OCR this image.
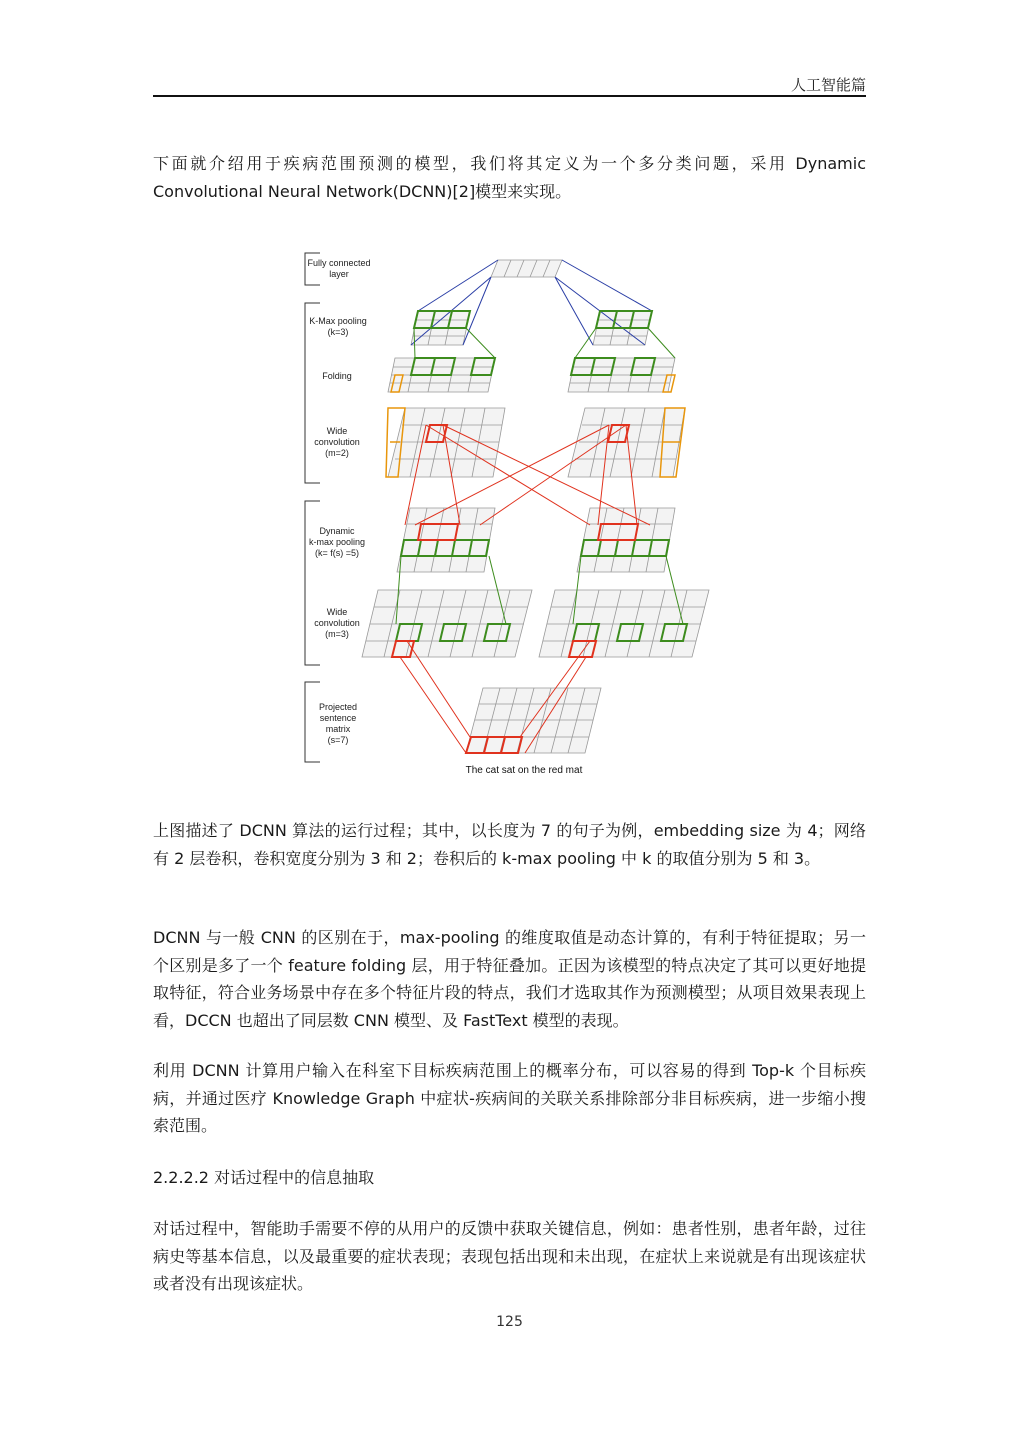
人工智能篇

下面就介绍用于疾病范围预测的模型，我们将其定义为一个多分类问题，采用 Dynamic Convolutional Neural Network(DCNN)[2]模型来实现。

Fully connected
layer
K-Max pooling
(k=3)
Folding
Wide
convolution
(m=2)
Dynamic
k-max pooling
(k= f(s) =5)
Wide
convolution
(m=3)
Projected
sentence
matrix
(s=7)
The cat sat on the red mat

上图描述了 DCNN 算法的运行过程；其中，以长度为 7 的句子为例，embedding size 为 4；网络有 2 层卷积，卷积宽度分别为 3 和 2；卷积后的 k-max pooling 中 k 的取值分别为 5 和 3。

DCNN 与一般 CNN 的区别在于，max-pooling 的维度取值是动态计算的，有利于特征提取；另一个区别是多了一个 feature folding 层，用于特征叠加。正因为该模型的特点决定了其可以更好地提取特征，符合业务场景中存在多个特征片段的特点，我们才选取其作为预测模型；从项目效果表现上看，DCCN 也超出了同层数 CNN 模型、及 FastText 模型的表现。

利用 DCNN 计算用户输入在科室下目标疾病范围上的概率分布，可以容易的得到 Top-k 个目标疾病，并通过医疗 Knowledge Graph 中症状-疾病间的关联关系排除部分非目标疾病，进一步缩小搜索范围。

2.2.2.2 对话过程中的信息抽取

对话过程中，智能助手需要不停的从用户的反馈中获取关键信息，例如：患者性别，患者年龄，过往病史等基本信息，以及最重要的症状表现；表现包括出现和未出现，在症状上来说就是有出现该症状或者没有出现该症状。

125
